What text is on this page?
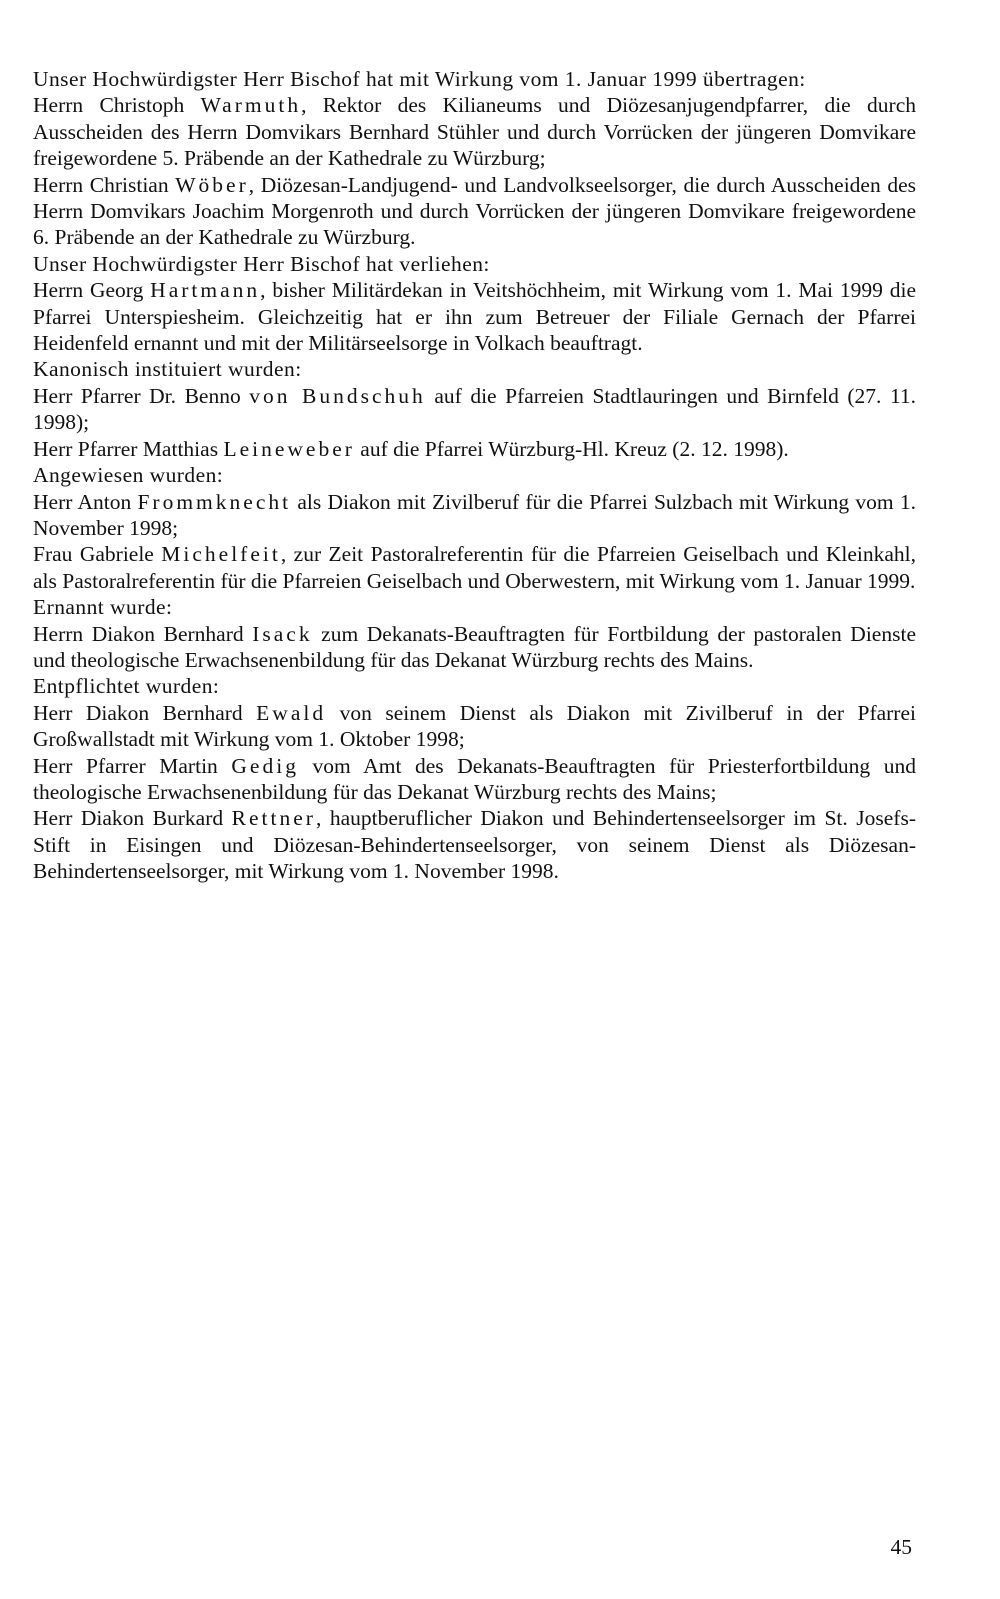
Unser Hochwürdigster Herr Bischof hat mit Wirkung vom 1. Januar 1999 übertragen:

Herrn Christoph Warmuth, Rektor des Kilianeums und Diözesanjugendpfarrer, die durch Ausscheiden des Herrn Domvikars Bernhard Stühler und durch Vorrücken der jüngeren Domvikare freigewordene 5. Präbende an der Kathedrale zu Würzburg;

Herrn Christian Wöber, Diözesan-Landjugend- und Landvolkseelsorger, die durch Ausscheiden des Herrn Domvikars Joachim Morgenroth und durch Vorrücken der jüngeren Domvikare freigewordene 6. Präbende an der Kathedrale zu Würzburg.

Unser Hochwürdigster Herr Bischof hat verliehen:

Herrn Georg Hartmann, bisher Militärdekan in Veitshöchheim, mit Wirkung vom 1. Mai 1999 die Pfarrei Unterspiesheim. Gleichzeitig hat er ihn zum Betreuer der Filiale Gernach der Pfarrei Heidenfeld ernannt und mit der Militärseelsorge in Volkach beauftragt.

Kanonisch instituiert wurden:

Herr Pfarrer Dr. Benno von Bundschuh auf die Pfarreien Stadtlauringen und Birnfeld (27. 11. 1998);

Herr Pfarrer Matthias Leineweber auf die Pfarrei Würzburg-Hl. Kreuz (2. 12. 1998).

Angewiesen wurden:

Herr Anton Frommknecht als Diakon mit Zivilberuf für die Pfarrei Sulzbach mit Wirkung vom 1. November 1998;

Frau Gabriele Michelfeit, zur Zeit Pastoralreferentin für die Pfarreien Geiselbach und Kleinkahl, als Pastoralreferentin für die Pfarreien Geiselbach und Oberwestern, mit Wirkung vom 1. Januar 1999.

Ernannt wurde:

Herrn Diakon Bernhard Isack zum Dekanats-Beauftragten für Fortbildung der pastoralen Dienste und theologische Erwachsenenbildung für das Dekanat Würzburg rechts des Mains.

Entpflichtet wurden:

Herr Diakon Bernhard Ewald von seinem Dienst als Diakon mit Zivilberuf in der Pfarrei Großwallstadt mit Wirkung vom 1. Oktober 1998;

Herr Pfarrer Martin Gedig vom Amt des Dekanats-Beauftragten für Priesterfortbildung und theologische Erwachsenenbildung für das Dekanat Würzburg rechts des Mains;

Herr Diakon Burkard Rettner, hauptberuflicher Diakon und Behindertenseelsorger im St. Josefs-Stift in Eisingen und Diözesan-Behindertenseelsorger, von seinem Dienst als Diözesan-Behindertenseelsorger, mit Wirkung vom 1. November 1998.

45
